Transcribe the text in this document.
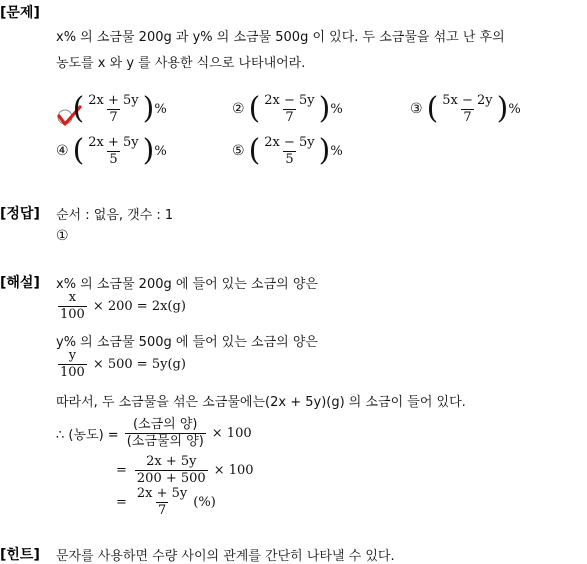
[문제]
[정답]
[해설]
[힌트]
x% 의 소금물 200g 과 y% 의 소금물 500g 이 있다. 두 소금물을 섞고 난 후의
농도를 x 와 y 를 사용한 식으로 나타내어라.
( $\frac{2x + 5y}{7}$ ) %	② ( $\frac{2x - 5y}{7}$ ) %	③ ( $\frac{5x - 2y}{7}$ ) %
④ ( $\frac{2x + 5y}{5}$ ) %	⑤ ( $\frac{2x - 5y}{5}$ ) %
순서 : 없음, 갯수 : 1
①
x% 의 소금물 200g 에 들어 있는 소금의 양은
$\frac{x}{100} \times 200 = 2x(g)$
y% 의 소금물 500g 에 들어 있는 소금의 양은
$\frac{y}{100} \times 500 = 5y(g)$
따라서, 두 소금물을 섞은 소금물에는(2x + 5y)(g) 의 소금이 들어 있다.
∴ (농도) = $\frac{\text{(소금의 양)}}{\text{(소금물의 양)}} \times 100$
= $\frac{2x + 5y}{200 + 500} \times 100$
= $\frac{2x + 5y}{7}$ (%)
문자를 사용하면 수량 사이의 관계를 간단히 나타낼 수 있다.
